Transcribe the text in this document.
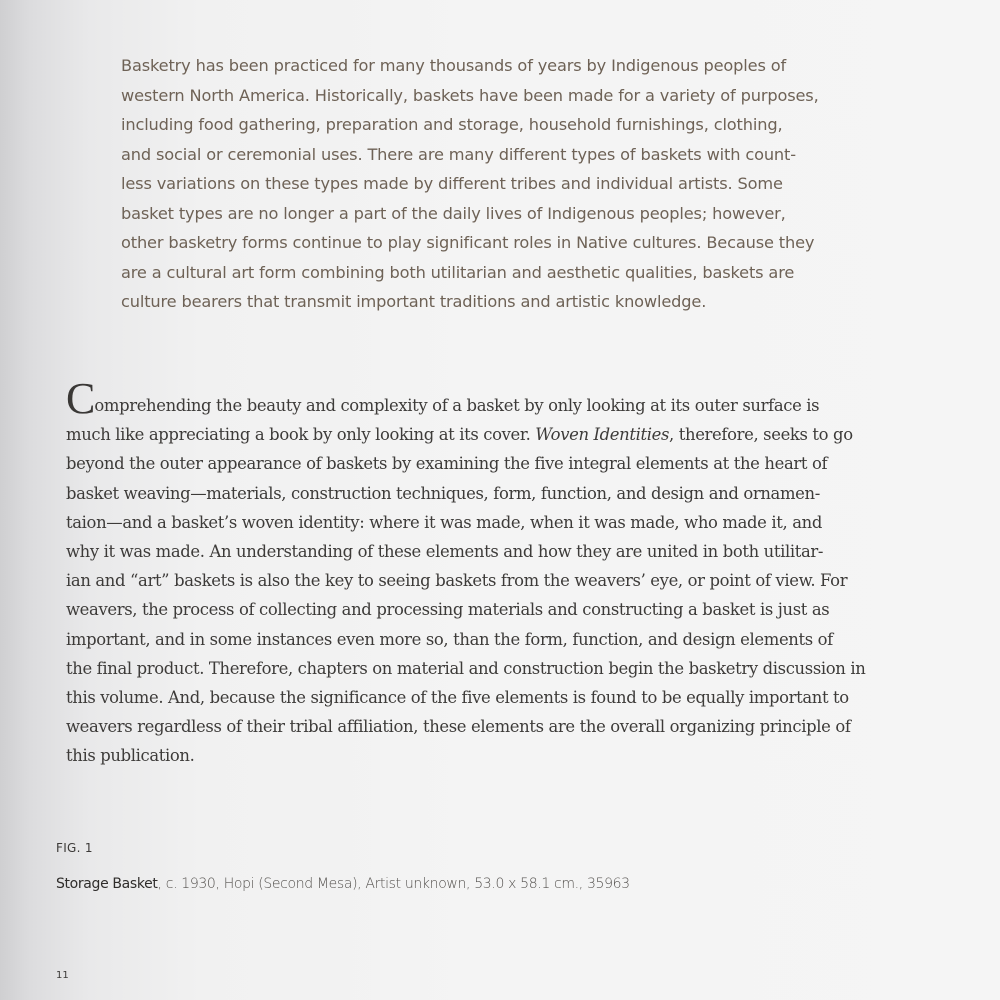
Basketry has been practiced for many thousands of years by Indigenous peoples of
western North America. Historically, baskets have been made for a variety of purposes,
including food gathering, preparation and storage, household furnishings, clothing,
and social or ceremonial uses. There are many different types of baskets with count-
less variations on these types made by different tribes and individual artists. Some
basket types are no longer a part of the daily lives of Indigenous peoples; however,
other basketry forms continue to play significant roles in Native cultures. Because they
are a cultural art form combining both utilitarian and aesthetic qualities, baskets are
culture bearers that transmit important traditions and artistic knowledge.
Comprehending the beauty and complexity of a basket by only looking at its outer surface is
much like appreciating a book by only looking at its cover. Woven Identities, therefore, seeks to go
beyond the outer appearance of baskets by examining the five integral elements at the heart of
basket weaving—materials, construction techniques, form, function, and design and ornamen-
taion—and a basket’s woven identity: where it was made, when it was made, who made it, and
why it was made. An understanding of these elements and how they are united in both utilitar-
ian and “art” baskets is also the key to seeing baskets from the weavers’ eye, or point of view. For
weavers, the process of collecting and processing materials and constructing a basket is just as
important, and in some instances even more so, than the form, function, and design elements of
the final product. Therefore, chapters on material and construction begin the basketry discussion in
this volume. And, because the significance of the five elements is found to be equally important to
weavers regardless of their tribal affiliation, these elements are the overall organizing principle of
this publication.
FIG. 1
Storage Basket, c. 1930, Hopi (Second Mesa), Artist unknown, 53.0 x 58.1 cm., 35963
11
